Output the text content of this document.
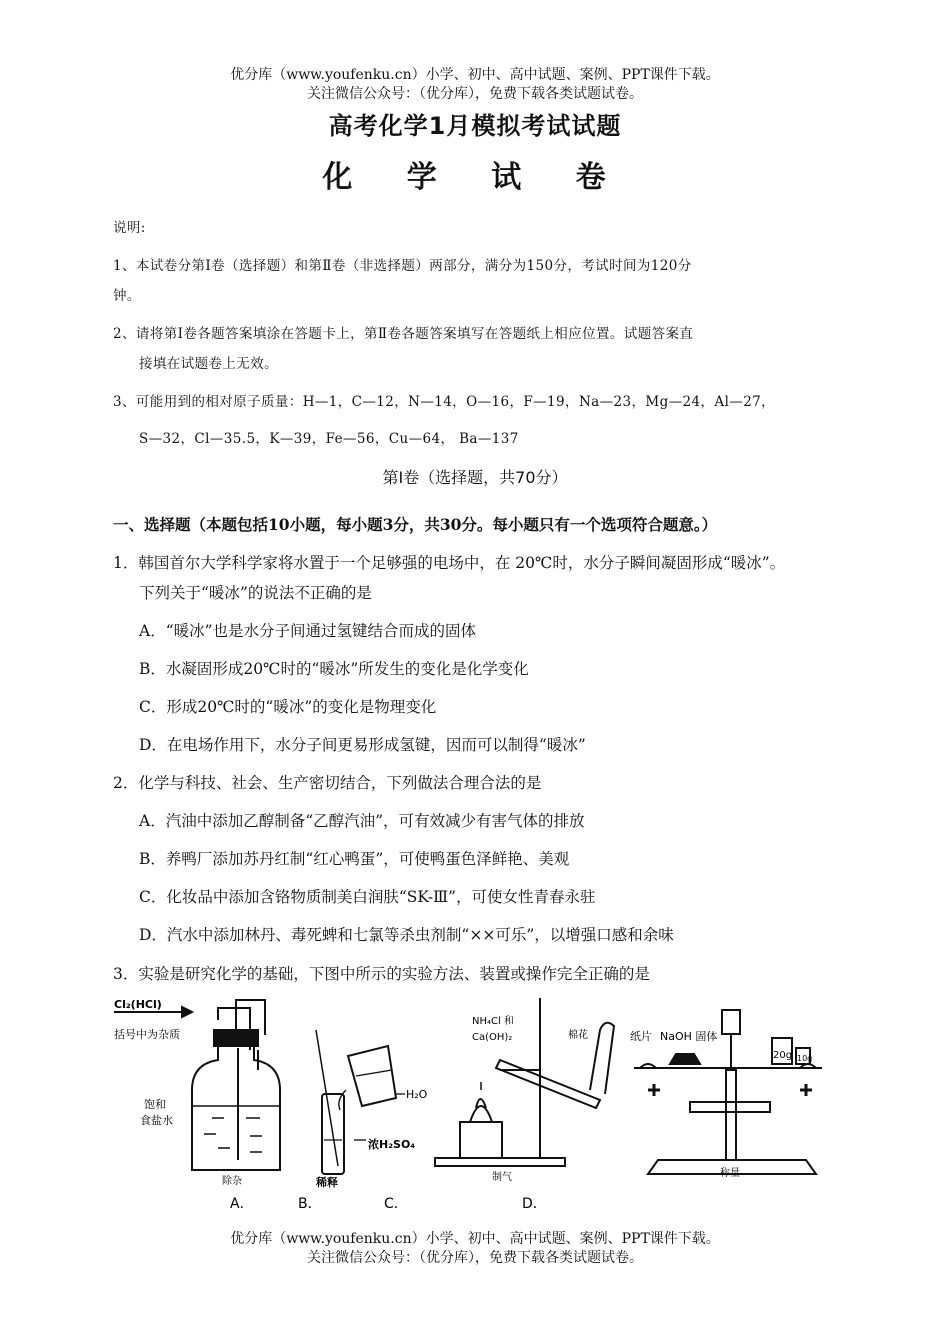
优分库（www.youfenku.cn）小学、初中、高中试题、案例、PPT课件下载。
关注微信公众号：（优分库），免费下载各类试题试卷。
高考化学1月模拟考试试题
化 学 试 卷
说明:
1、本试卷分第Ⅰ卷（选择题）和第Ⅱ卷（非选择题）两部分，满分为150分，考试时间为120分
钟。
2、请将第Ⅰ卷各题答案填涂在答题卡上，第Ⅱ卷各题答案填写在答题纸上相应位置。试题答案直
接填在试题卷上无效。
3、可能用到的相对原子质量：H—1，C—12，N—14，O—16，F—19，Na—23，Mg—24，Al—27，
S—32，Cl—35.5，K—39，Fe—56，Cu—64， Ba—137
第Ⅰ卷（选择题，共70分）
一、选择题（本题包括10小题，每小题3分，共30分。每小题只有一个选项符合题意。）
1．韩国首尔大学科学家将水置于一个足够强的电场中，在 20℃时，水分子瞬间凝固形成“暖冰”。
下列关于“暖冰”的说法不正确的是
A．“暖冰”也是水分子间通过氢键结合而成的固体
B．水凝固形成20℃时的“暖冰”所发生的变化是化学变化
C．形成20℃时的“暖冰”的变化是物理变化
D．在电场作用下，水分子间更易形成氢键，因而可以制得“暖冰”
2．化学与科技、社会、生产密切结合，下列做法合理合法的是
A．汽油中添加乙醇制备“乙醇汽油”，可有效减少有害气体的排放
B．养鸭厂添加苏丹红制“红心鸭蛋”，可使鸭蛋色泽鲜艳、美观
C．化妆品中添加含铬物质制美白润肤“SK-Ⅲ”，可使女性青春永驻
D．汽水中添加林丹、毒死蜱和七氯等杀虫剂制“××可乐”，以增强口感和余味
3．实验是研究化学的基础，下图中所示的实验方法、装置或操作完全正确的是
Cl₂(HCl)
括号中为杂质
饱和
食盐水
除杂
H₂O
浓H₂SO₄
稀释
NH₄Cl 和
Ca(OH)₂	棉花
制气
纸片 NaOH 固体
20g 10g
称量
A．	B．	C．	D．
优分库（www.youfenku.cn）小学、初中、高中试题、案例、PPT课件下载。
关注微信公众号：（优分库），免费下载各类试题试卷。
